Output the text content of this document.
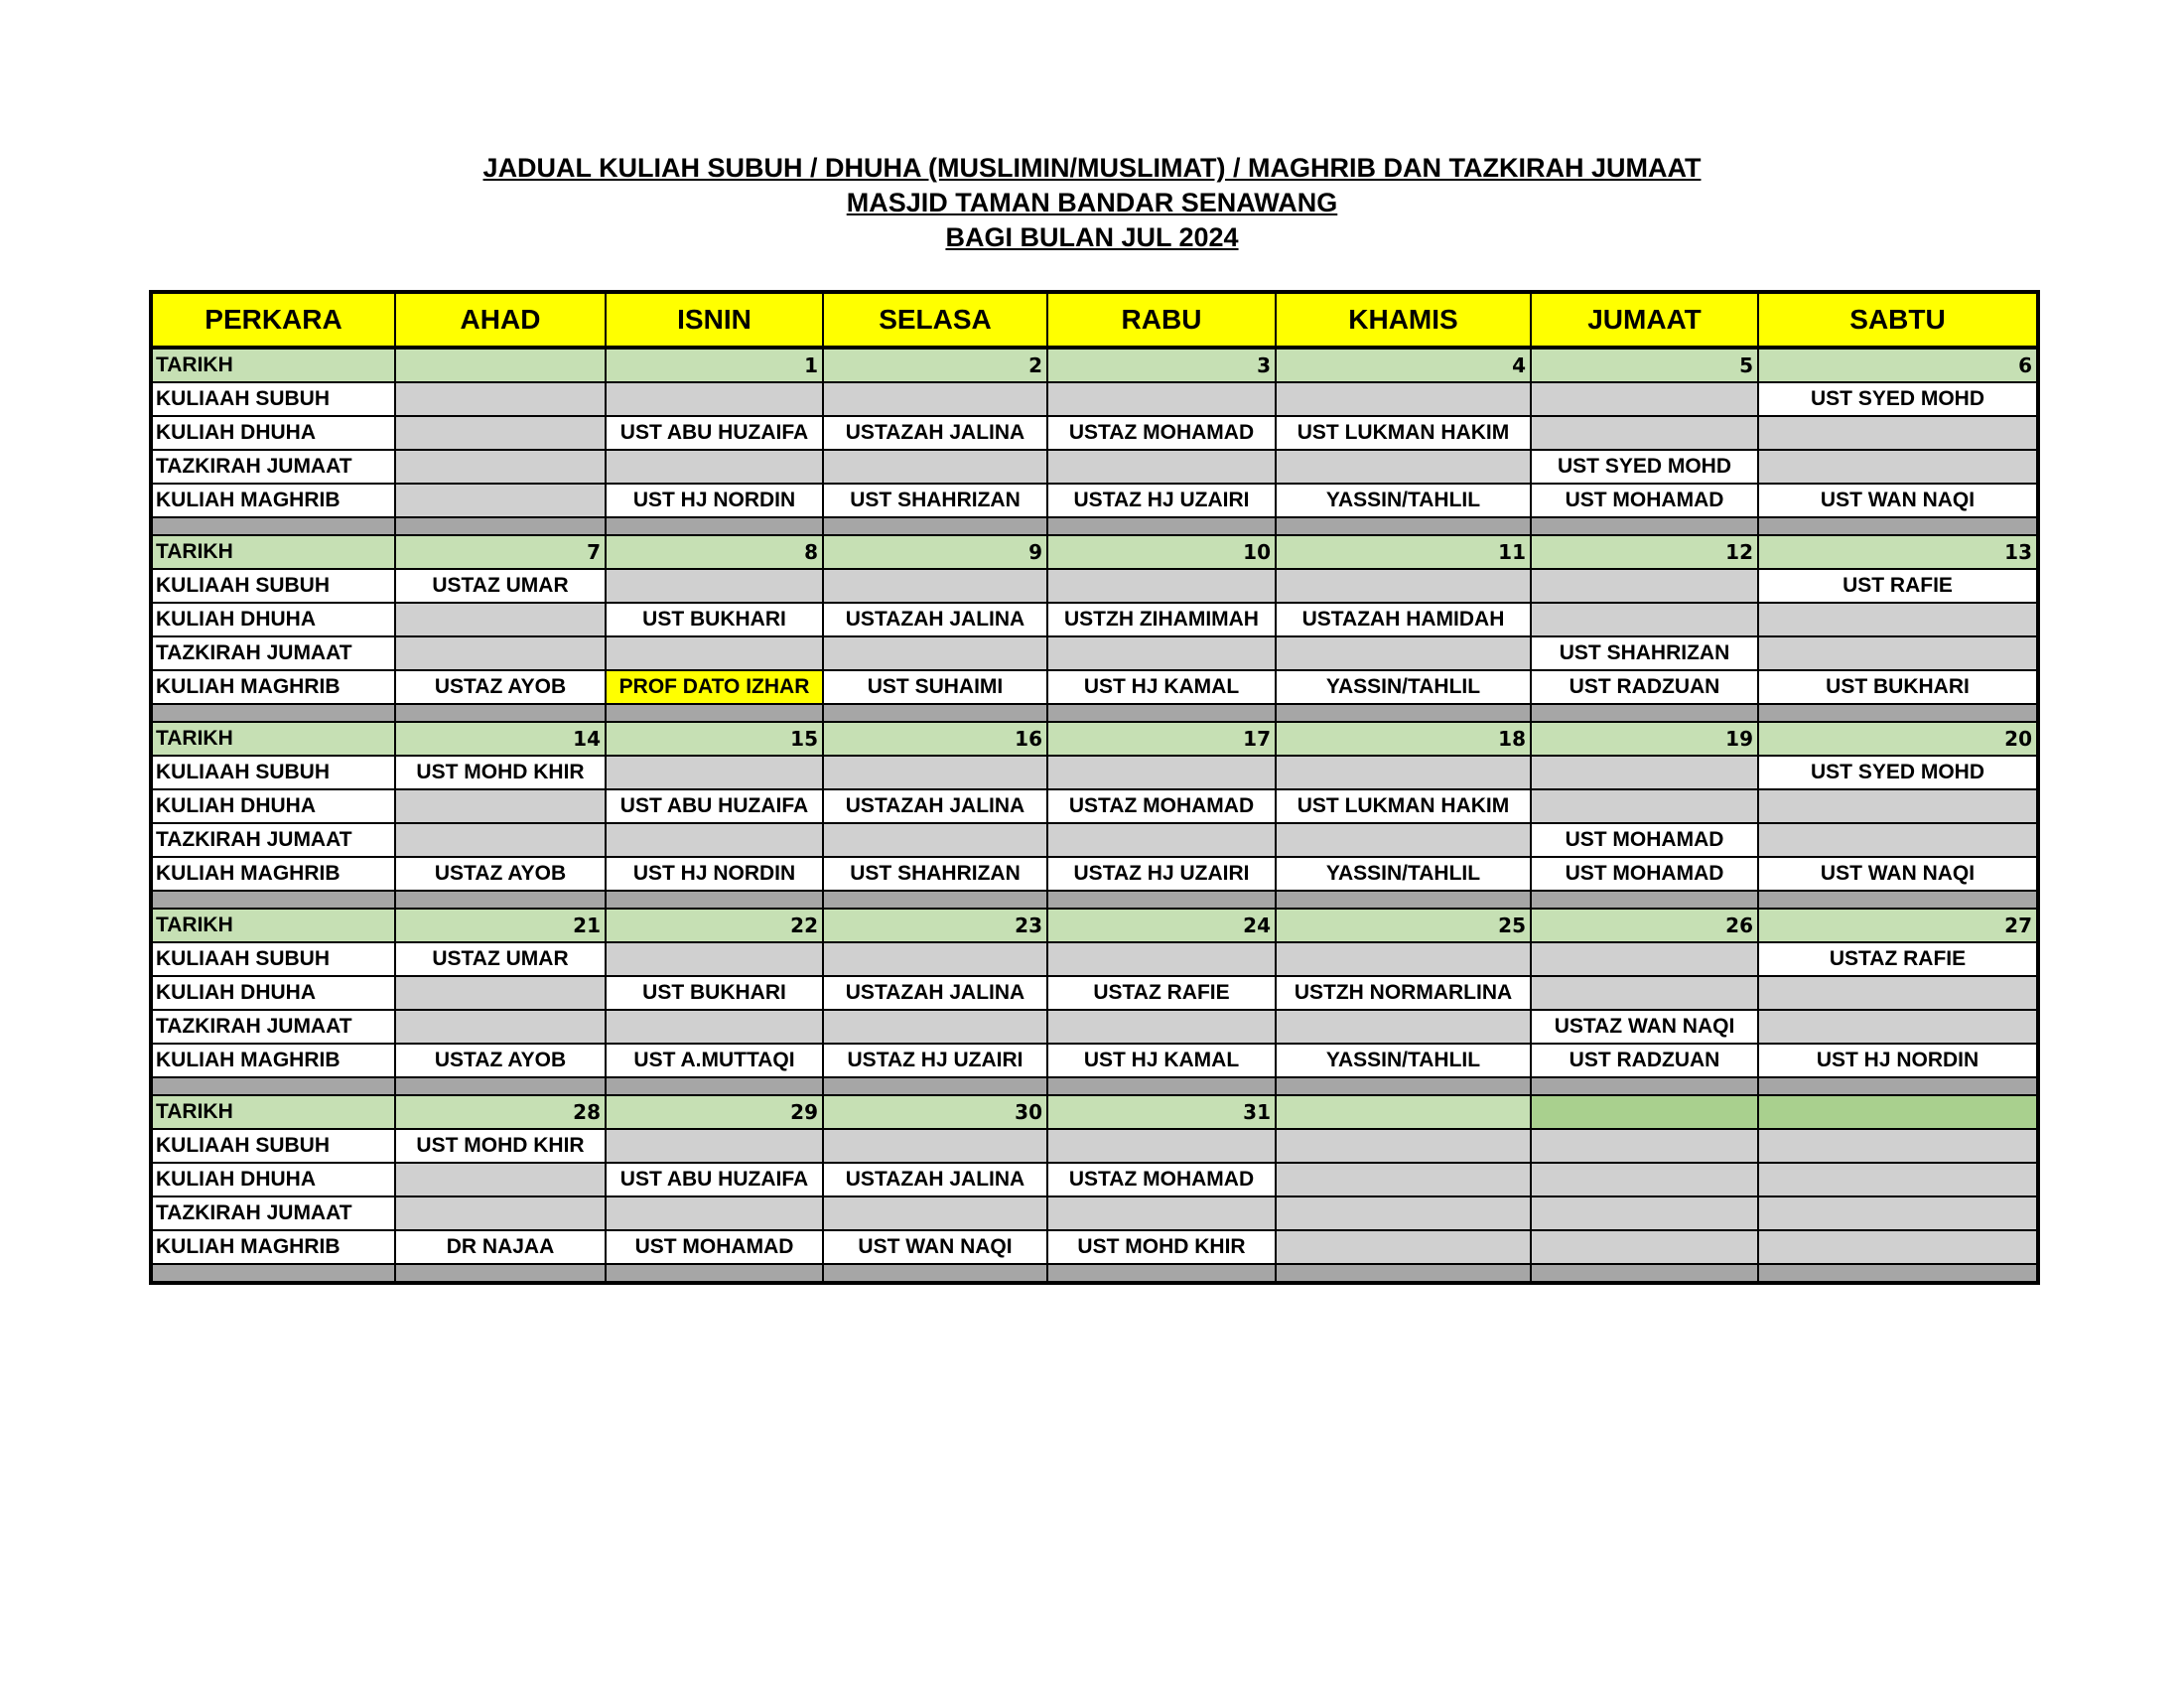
JADUAL KULIAH SUBUH / DHUHA (MUSLIMIN/MUSLIMAT) / MAGHRIB DAN TAZKIRAH JUMAAT
MASJID TAMAN BANDAR SENAWANG
BAGI BULAN JUL 2024
PERKARA	AHAD	ISNIN	SELASA	RABU	KHAMIS	JUMAAT	SABTU
TARIKH		1	2	3	4	5	6
KULIAAH SUBUH							UST SYED MOHD
KULIAH DHUHA		UST ABU HUZAIFA	USTAZAH JALINA	USTAZ MOHAMAD	UST LUKMAN HAKIM		
TAZKIRAH JUMAAT						UST SYED MOHD	
KULIAH MAGHRIB		UST HJ NORDIN	UST SHAHRIZAN	USTAZ HJ UZAIRI	YASSIN/TAHLIL	UST MOHAMAD	UST WAN NAQI

TARIKH	7	8	9	10	11	12	13
KULIAAH SUBUH	USTAZ UMAR						UST RAFIE
KULIAH DHUHA		UST BUKHARI	USTAZAH JALINA	USTZH ZIHAMIMAH	USTAZAH HAMIDAH		
TAZKIRAH JUMAAT						UST SHAHRIZAN	
KULIAH MAGHRIB	USTAZ AYOB	PROF DATO IZHAR	UST SUHAIMI	UST HJ KAMAL	YASSIN/TAHLIL	UST RADZUAN	UST BUKHARI

TARIKH	14	15	16	17	18	19	20
KULIAAH SUBUH	UST MOHD KHIR						UST SYED MOHD
KULIAH DHUHA		UST ABU HUZAIFA	USTAZAH JALINA	USTAZ MOHAMAD	UST LUKMAN HAKIM		
TAZKIRAH JUMAAT						UST MOHAMAD	
KULIAH MAGHRIB	USTAZ AYOB	UST HJ NORDIN	UST SHAHRIZAN	USTAZ HJ UZAIRI	YASSIN/TAHLIL	UST MOHAMAD	UST WAN NAQI

TARIKH	21	22	23	24	25	26	27
KULIAAH SUBUH	USTAZ UMAR						USTAZ RAFIE
KULIAH DHUHA		UST BUKHARI	USTAZAH JALINA	USTAZ RAFIE	USTZH NORMARLINA		
TAZKIRAH JUMAAT						USTAZ WAN NAQI	
KULIAH MAGHRIB	USTAZ AYOB	UST A.MUTTAQI	USTAZ HJ UZAIRI	UST HJ KAMAL	YASSIN/TAHLIL	UST RADZUAN	UST HJ NORDIN

TARIKH	28	29	30	31			
KULIAAH SUBUH	UST MOHD KHIR						
KULIAH DHUHA		UST ABU HUZAIFA	USTAZAH JALINA	USTAZ MOHAMAD			
TAZKIRAH JUMAAT							
KULIAH MAGHRIB	DR NAJAA	UST MOHAMAD	UST WAN NAQI	UST MOHD KHIR			
